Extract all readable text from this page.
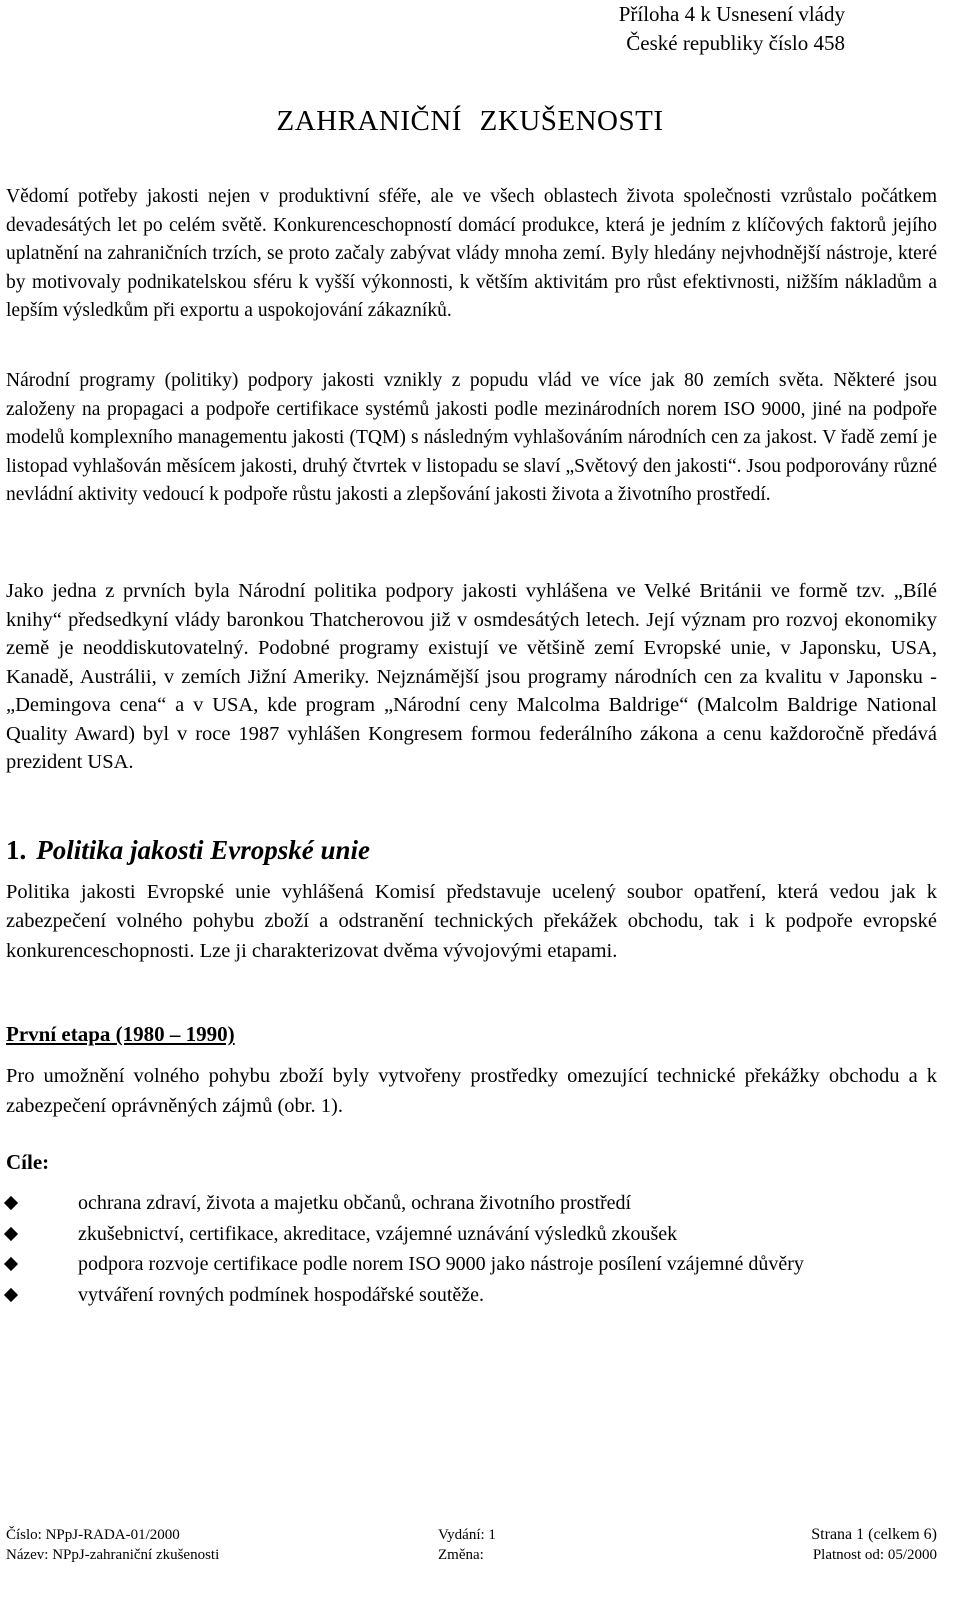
Příloha 4 k Usnesení vlády
České republiky číslo 458
ZAHRANIČNÍ ZKUŠENOSTI

Vědomí potřeby jakosti nejen v produktivní sféře, ale ve všech oblastech života společnosti vzrůstalo počátkem devadesátých let po celém světě. Konkurenceschopností domácí produkce, která je jedním z klíčových faktorů jejího uplatnění na zahraničních trzích, se proto začaly zabývat vlády mnoha zemí. Byly hledány nejvhodnější nástroje, které by motivovaly podnikatelskou sféru k vyšší výkonnosti, k větším aktivitám pro růst efektivnosti, nižším nákladům a lepším výsledkům při exportu a uspokojování zákazníků.

Národní programy (politiky) podpory jakosti vznikly z popudu vlád ve více jak 80 zemích světa. Některé jsou založeny na propagaci a podpoře certifikace systémů jakosti podle mezinárodních norem ISO 9000, jiné na podpoře modelů komplexního managementu jakosti (TQM) s následným vyhlašováním národních cen za jakost. V řadě zemí je listopad vyhlašován měsícem jakosti, druhý čtvrtek v listopadu se slaví „Světový den jakosti“. Jsou podporovány různé nevládní aktivity vedoucí k podpoře růstu jakosti a zlepšování jakosti života a životního prostředí.

Jako jedna z prvních byla Národní politika podpory jakosti vyhlášena ve Velké Británii ve formě tzv. „Bílé knihy“ předsedkyní vlády baronkou Thatcherovou již v osmdesátých letech. Její význam pro rozvoj ekonomiky země je neoddiskutovatelný. Podobné programy existují ve většině zemí Evropské unie, v Japonsku, USA, Kanadě, Austrálii, v zemích Jižní Ameriky. Nejznámější jsou programy národních cen za kvalitu v Japonsku - „Demingova cena“ a v USA, kde program „Národní ceny Malcolma Baldrige“ (Malcolm Baldrige National Quality Award) byl v roce 1987 vyhlášen Kongresem formou federálního zákona a cenu každoročně předává prezident USA.

1. Politika jakosti Evropské unie

Politika jakosti Evropské unie vyhlášená Komisí představuje ucelený soubor opatření, která vedou jak k zabezpečení volného pohybu zboží a odstranění technických překážek obchodu, tak i k podpoře evropské konkurenceschopnosti. Lze ji charakterizovat dvěma vývojovými etapami.

První etapa (1980 – 1990)

Pro umožnění volného pohybu zboží byly vytvořeny prostředky omezující technické překážky obchodu a k zabezpečení oprávněných zájmů (obr. 1).

Cíle:
ochrana zdraví, života a majetku občanů, ochrana životního prostředí
zkušebnictví, certifikace, akreditace, vzájemné uznávání výsledků zkoušek
podpora rozvoje certifikace podle norem ISO 9000 jako nástroje posílení vzájemné důvěry
vytváření rovných podmínek hospodářské soutěže.
Číslo: NPpJ-RADA-01/2000	Vydání: 1	Strana 1 (celkem 6)
Název: NPpJ-zahraniční zkušenosti	Změna:	Platnost od: 05/2000
